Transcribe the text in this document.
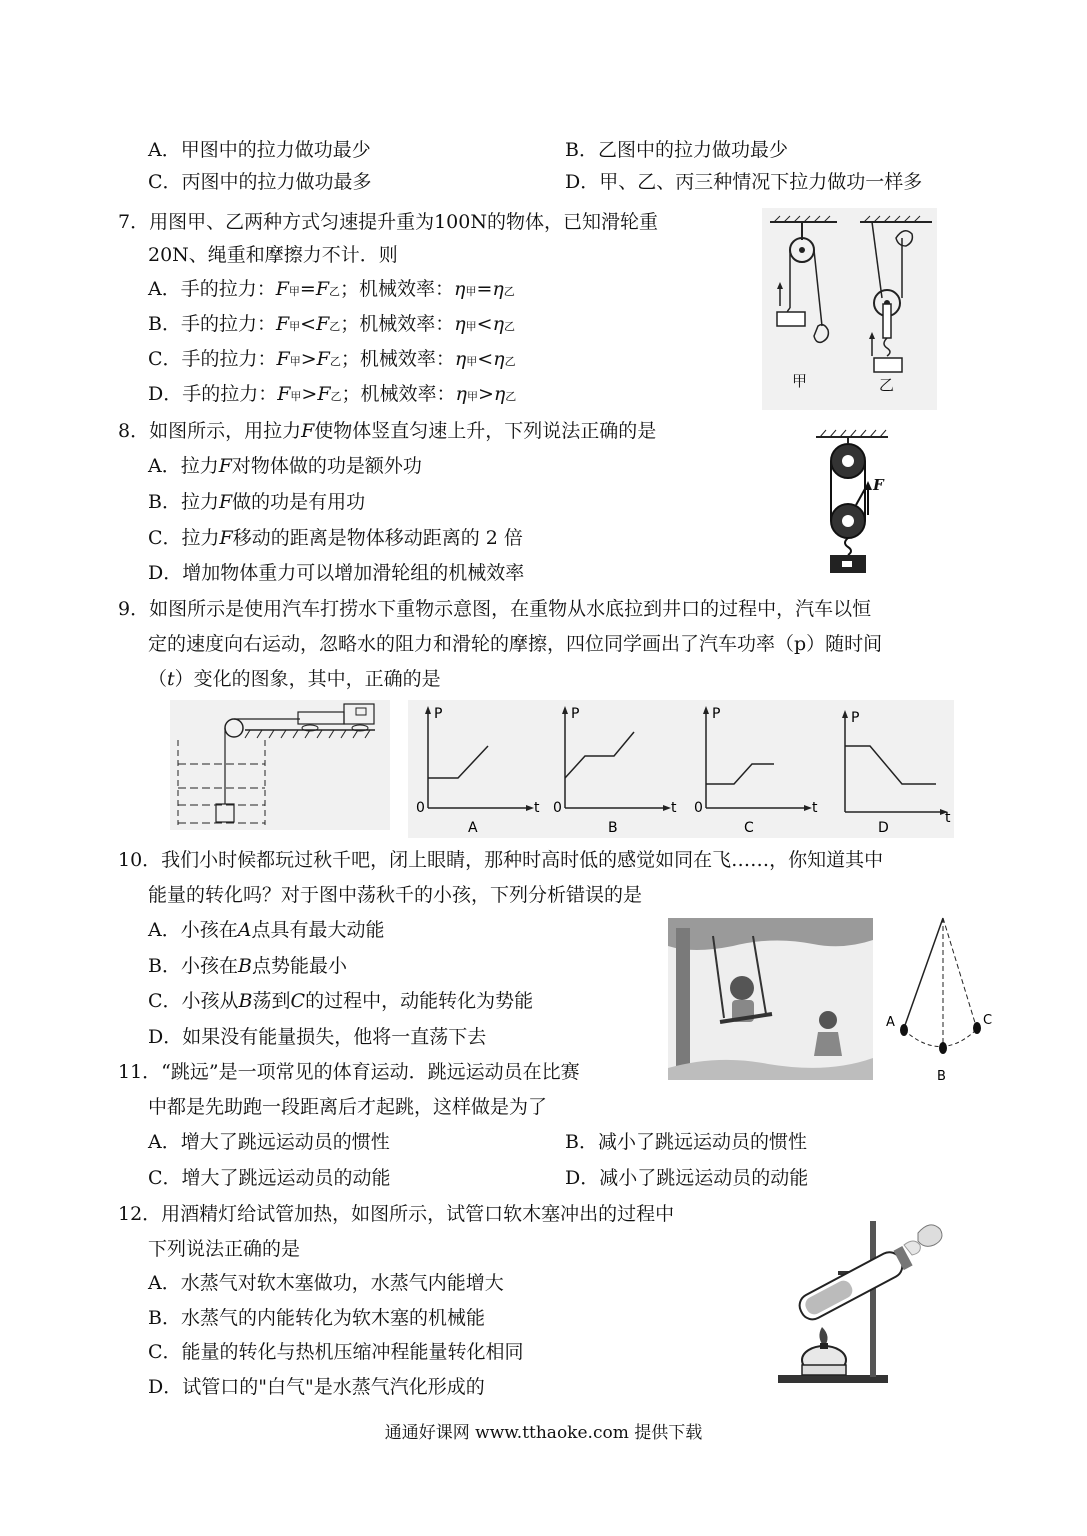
A．甲图中的拉力做功最少	B．乙图中的拉力做功最少
C．丙图中的拉力做功最多	D．甲、乙、丙三种情况下拉力做功一样多
7．用图甲、乙两种方式匀速提升重为100N的物体，已知滑轮重
20N、绳重和摩擦力不计．则
A．手的拉力：F甲=F乙；机械效率：η甲=η乙
B．手的拉力：F甲<F乙；机械效率：η甲<η乙
C．手的拉力：F甲>F乙；机械效率：η甲<η乙
D．手的拉力：F甲>F乙；机械效率：η甲>η乙
甲	乙
8．如图所示，用拉力F使物体竖直匀速上升，下列说法正确的是
A．拉力F对物体做的功是额外功
B．拉力F做的功是有用功
C．拉力F移动的距离是物体移动距离的 2 倍
D．增加物体重力可以增加滑轮组的机械效率
F
9．如图所示是使用汽车打捞水下重物示意图，在重物从水底拉到井口的过程中，汽车以恒
定的速度向右运动，忽略水的阻力和滑轮的摩擦，四位同学画出了汽车功率（p）随时间
（t）变化的图象，其中，正确的是
P
t
0
A
P
t
0
B
P
t
0
C
P
t
D
10．我们小时候都玩过秋千吧，闭上眼睛，那种时高时低的感觉如同在飞……，你知道其中
能量的转化吗？对于图中荡秋千的小孩，下列分析错误的是
A．小孩在A点具有最大动能
B．小孩在B点势能最小
C．小孩从B荡到C的过程中，动能转化为势能
D．如果没有能量损失，他将一直荡下去
A
B
C
11．“跳远”是一项常见的体育运动．跳远运动员在比赛
中都是先助跑一段距离后才起跳，这样做是为了
A．增大了跳远运动员的惯性	B．减小了跳远运动员的惯性
C．增大了跳远运动员的动能	D．减小了跳远运动员的动能
12．用酒精灯给试管加热，如图所示，试管口软木塞冲出的过程中
下列说法正确的是
A．水蒸气对软木塞做功，水蒸气内能增大
B．水蒸气的内能转化为软木塞的机械能
C．能量的转化与热机压缩冲程能量转化相同
D．试管口的"白气"是水蒸气汽化形成的
通通好课网 www.tthaoke.com 提供下载
